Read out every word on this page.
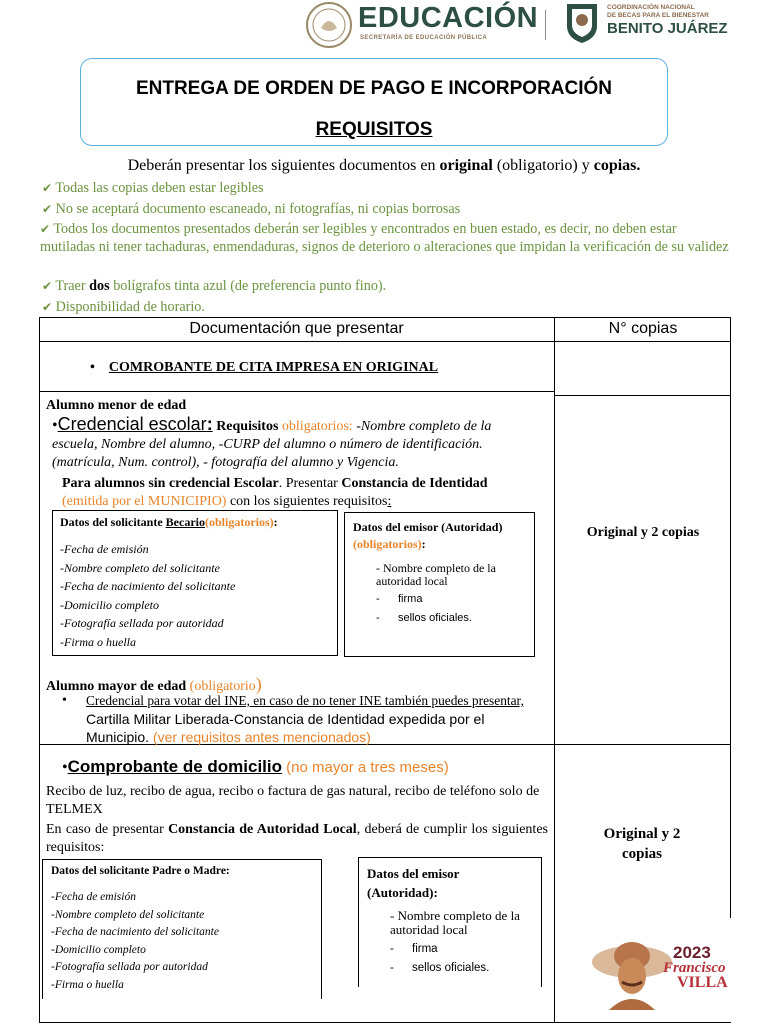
EDUCACIÓN
SECRETARÍA DE EDUCACIÓN PÚBLICA
COORDINACIÓN NACIONAL
DE BECAS PARA EL BIENESTAR
BENITO JUÁREZ
ENTREGA DE ORDEN DE PAGO E INCORPORACIÓN
REQUISITOS
Deberán presentar los siguientes documentos en original (obligatorio) y copias.
✔ Todas las copias deben estar legibles
✔ No se aceptará documento escaneado, ni fotografías, ni copias borrosas
✔ Todos los documentos presentados deberán ser legibles y encontrados en buen estado, es decir, no deben estar mutiladas ni tener tachaduras, enmendaduras, signos de deterioro o alteraciones que impidan la verificación de su validez
✔ Traer dos bolígrafos tinta azul (de preferencia punto fino).
✔ Disponibilidad de horario.
Documentación que presentar	N° copias
• COMROBANTE DE CITA IMPRESA EN ORIGINAL
Alumno menor de edad
•Credencial escolar: Requisitos obligatorios: -Nombre completo de la escuela, Nombre del alumno, -CURP del alumno o número de identificación. (matrícula, Num. control), - fotografía del alumno y Vigencia.
Para alumnos sin credencial Escolar. Presentar Constancia de Identidad
(emitida por el MUNICIPIO) con los siguientes requisitos:
Datos del solicitante Becario(obligatorios):
-Fecha de emisión
-Nombre completo del solicitante
-Fecha de nacimiento del solicitante
-Domicilio completo
-Fotografía sellada por autoridad
-Firma o huella
Datos del emisor (Autoridad)
(obligatorios):
- Nombre completo de la autoridad local
- firma
- sellos oficiales.
Alumno mayor de edad (obligatorio)
• Credencial para votar del INE, en caso de no tener INE también puedes presentar,
Cartilla Militar Liberada-Constancia de Identidad expedida por el Municipio. (ver requisitos antes mencionados)
Original y 2 copias
•Comprobante de domicilio (no mayor a tres meses)
Recibo de luz, recibo de agua, recibo o factura de gas natural, recibo de teléfono solo de TELMEX
En caso de presentar Constancia de Autoridad Local, deberá de cumplir los siguientes requisitos:
Datos del solicitante Padre o Madre:
-Fecha de emisión
-Nombre completo del solicitante
-Fecha de nacimiento del solicitante
-Domicilio completo
-Fotografía sellada por autoridad
-Firma o huella
Datos del emisor (Autoridad):
- Nombre completo de la autoridad local
- firma
- sellos oficiales.
Original y 2 copias
2023
Francisco
VILLA
